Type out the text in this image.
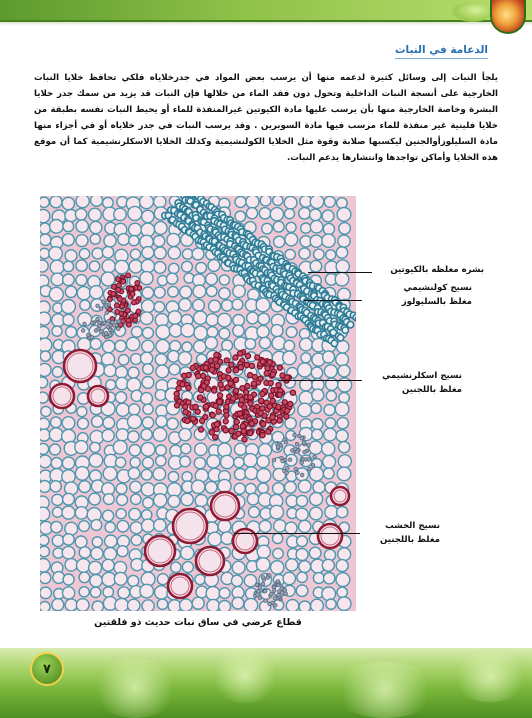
الدعامة في النبات

يلجأ النبات إلى وسائل كثيرة لدعمه منها أن يرسب بعض المواد في جدرخلاياه فلكي تحافظ خلايا النبات الخارجية على أنسجة النبات الداخلية وتحول دون فقد الماء من خلالها فإن النبات قد يزيد من سمك جدر خلايا البشرة وخاصة الخارجية منها بأن يرسب عليها مادة الكيوتين غيرالمنفذة للماء أو يحيط النبات نفسه بطبقة من خلايا فلينية غير منفذة للماء مرسب فيها مادة السوبرين . وقد يرسب النبات في جدر خلاياه أو في أجزاء منها مادة السليلوزأوالجنين ليكسبها صلابة وقوة مثل الخلايا الكولنشيمية وكذلك الخلايا الاسكلرنشيمية كما أن موقع هذه الخلايا وأماكن تواجدها وانتشارها يدعم النبات.

بشره مغلظه بالكيوتين
نسيج كولنشيمي
مغلظ بالسليولوز
نسيج اسكلرنشيمي
مغلظ باللجنين
نسيج الخشب
مغلظ باللجنين
قطاع عرضي في ساق نبات حديث ذو فلقتين
٧
